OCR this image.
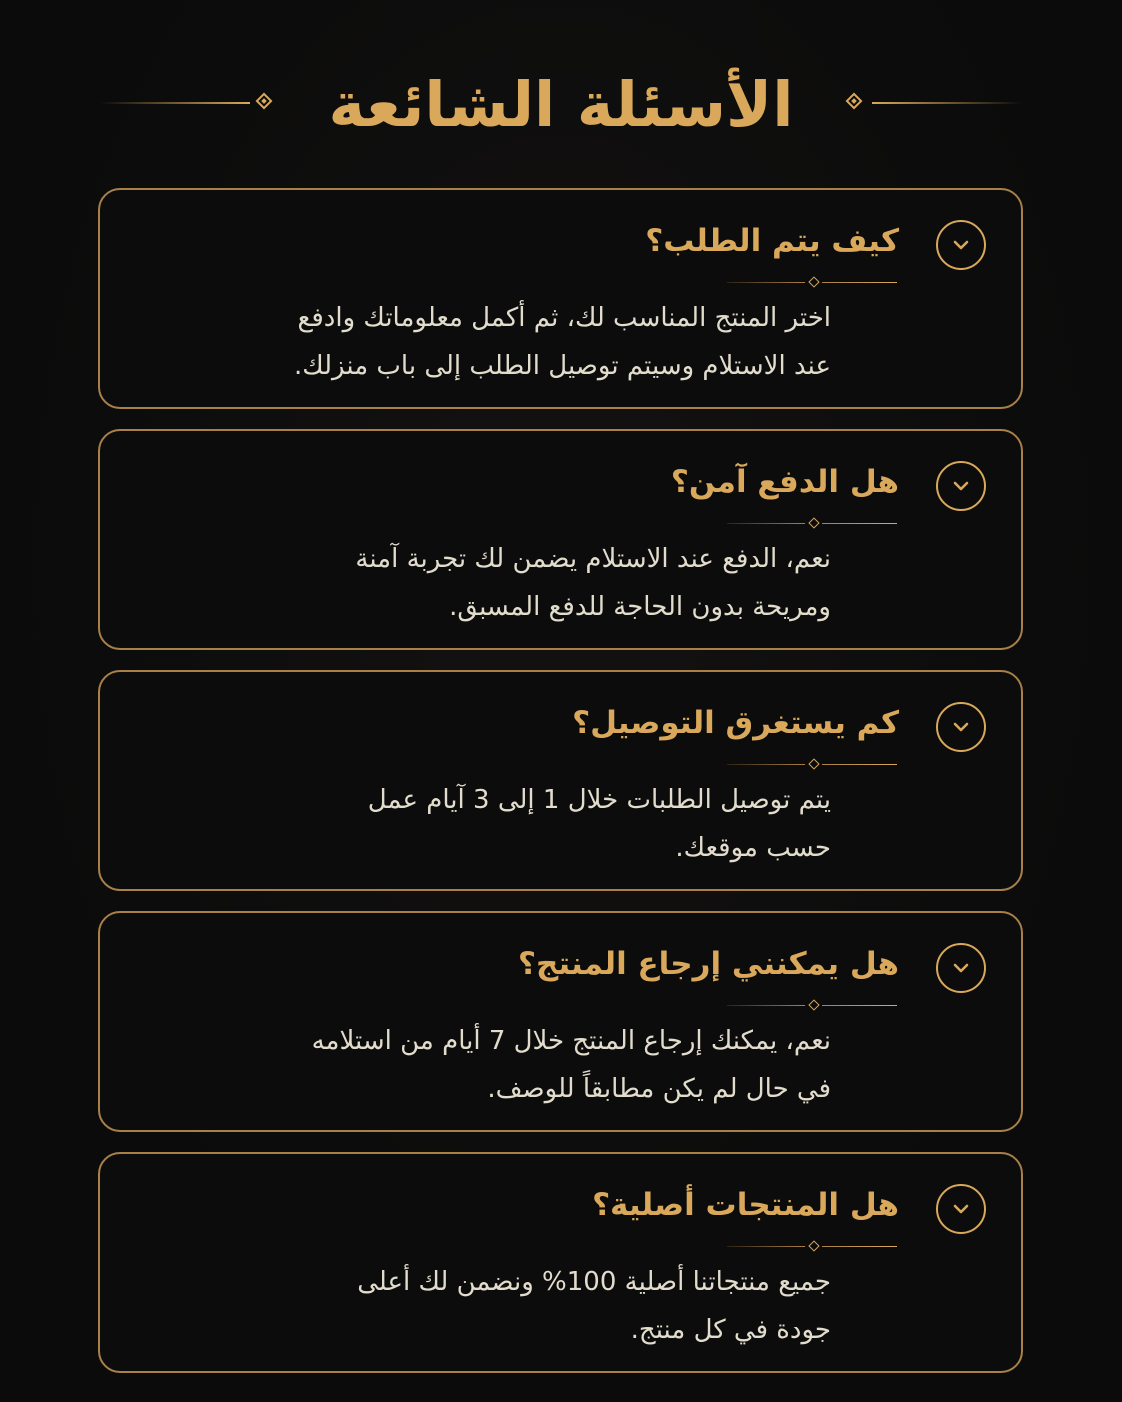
الأسئلة الشائعة
كيف يتم الطلب؟

اختر المنتج المناسب لك، ثم أكمل معلوماتك وادفع
عند الاستلام وسيتم توصيل الطلب إلى باب منزلك.

هل الدفع آمن؟

نعم، الدفع عند الاستلام يضمن لك تجربة آمنة
ومريحة بدون الحاجة للدفع المسبق.

كم يستغرق التوصيل؟

يتم توصيل الطلبات خلال 1 إلى 3 آيام عمل
حسب موقعك.

هل يمكنني إرجاع المنتج؟

نعم، يمكنك إرجاع المنتج خلال 7 أيام من استلامه
في حال لم يكن مطابقاً للوصف.

هل المنتجات أصلية؟

جميع منتجاتنا أصلية 100% ونضمن لك أعلى
جودة في كل منتج.
